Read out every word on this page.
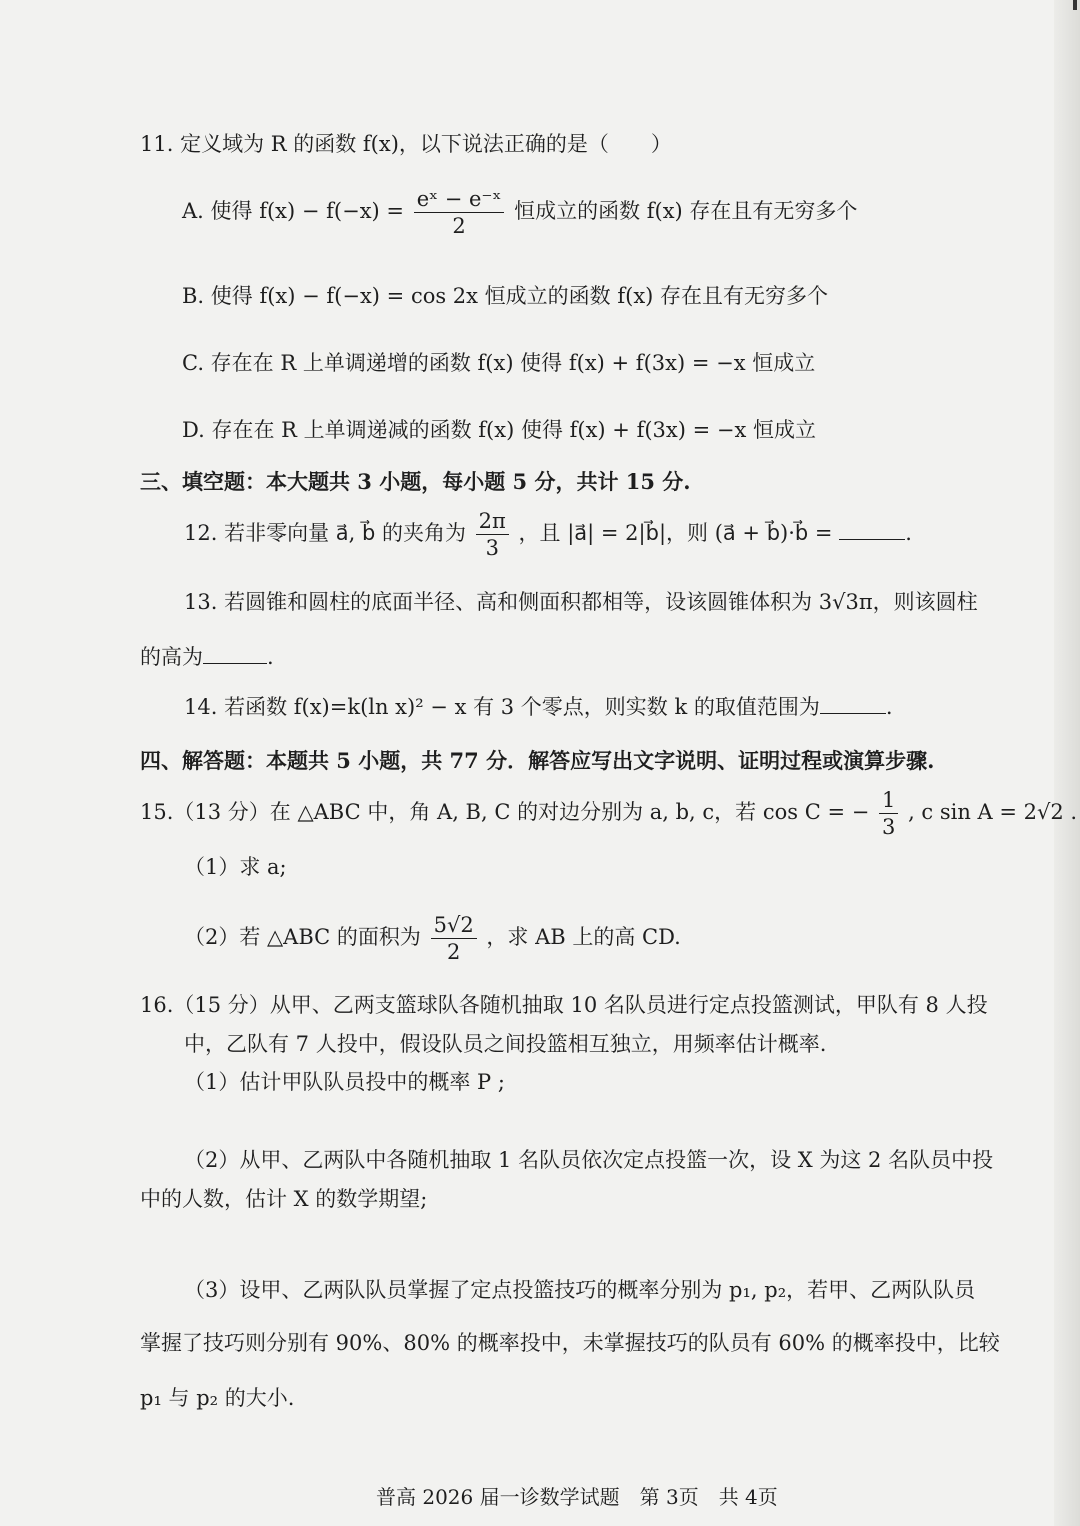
11. 定义域为 R 的函数 f(x)，以下说法正确的是（　　）
A. 使得 $f(x) - f(-x) = \frac{\text{eˣ − e⁻ˣ}}{2}$ 恒成立的函数 f(x) 存在且有无穷多个
B. 使得 f(x) − f(−x) = cos 2x 恒成立的函数 f(x) 存在且有无穷多个
C. 存在在 R 上单调递增的函数 f(x) 使得 f(x) + f(3x) = −x 恒成立
D. 存在在 R 上单调递减的函数 f(x) 使得 f(x) + f(3x) = −x 恒成立
三、填空题：本大题共 3 小题，每小题 5 分，共计 15 分.
12. 若非零向量 a⃗, b⃗ 的夹角为 $\frac{2\pi}{3}$ ，且 |a⃗| = 2|b⃗|，则 (a⃗ + b⃗)·b⃗ =	.
13. 若圆锥和圆柱的底面半径、高和侧面积都相等，设该圆锥体积为 3√3π，则该圆柱
的高为	.
14. 若函数 f(x)=k(ln x)² − x 有 3 个零点，则实数 k 的取值范围为	.
四、解答题：本题共 5 小题，共 77 分．解答应写出文字说明、证明过程或演算步骤.
15.（13 分）在 △ABC 中，角 A, B, C 的对边分别为 a, b, c，若 cos C = − $\frac{1}{3}$ , c sin A = 2√2 .
（1）求 a;
（2）若 △ABC 的面积为 $\frac{5√2}{2}$ ，求 AB 上的高 CD.
16.（15 分）从甲、乙两支篮球队各随机抽取 10 名队员进行定点投篮测试，甲队有 8 人投
中，乙队有 7 人投中，假设队员之间投篮相互独立，用频率估计概率.
（1）估计甲队队员投中的概率 P ;
（2）从甲、乙两队中各随机抽取 1 名队员依次定点投篮一次，设 X 为这 2 名队员中投
中的人数，估计 X 的数学期望;
（3）设甲、乙两队队员掌握了定点投篮技巧的概率分别为 p₁, p₂，若甲、乙两队队员
掌握了技巧则分别有 90%、80% 的概率投中，未掌握技巧的队员有 60% 的概率投中，比较
p₁ 与 p₂ 的大小.
普高 2026 届一诊数学试题　第 3页　共 4页
